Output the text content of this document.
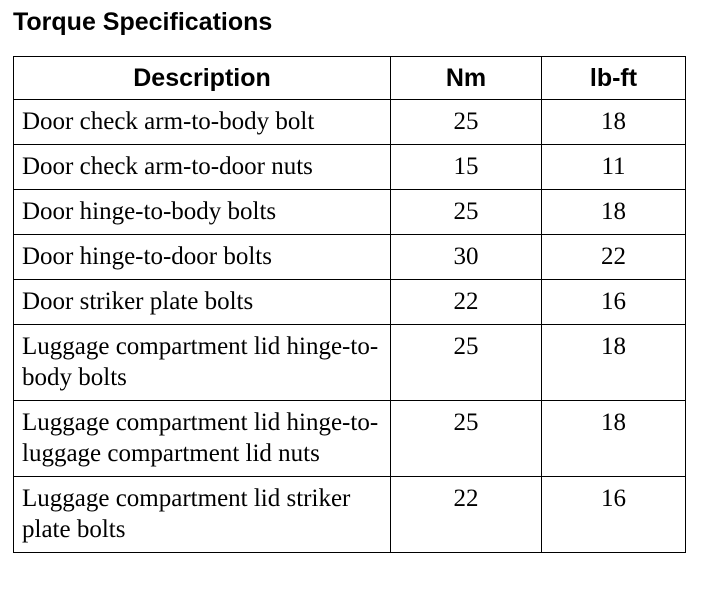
Torque Specifications
Description	Nm	lb-ft
Door check arm-to-body bolt	25	18
Door check arm-to-door nuts	15	11
Door hinge-to-body bolts	25	18
Door hinge-to-door bolts	30	22
Door striker plate bolts	22	16
Luggage compartment lid hinge-to-body bolts	25	18
Luggage compartment lid hinge-to-luggage compartment lid nuts	25	18
Luggage compartment lid striker plate bolts	22	16
